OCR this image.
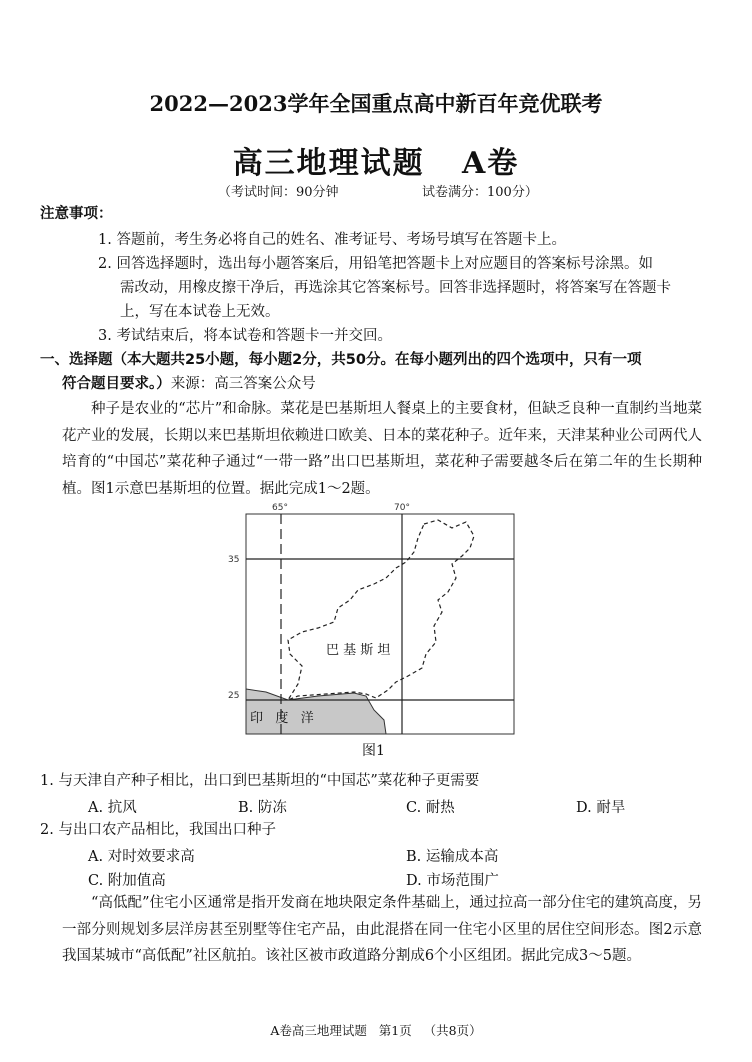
2022—2023学年全国重点高中新百年竞优联考
高三地理试题   A卷
（考试时间：90分钟	试卷满分：100分）
注意事项：
1. 答题前，考生务必将自己的姓名、准考证号、考场号填写在答题卡上。
2. 回答选择题时，选出每小题答案后，用铅笔把答题卡上对应题目的答案标号涂黑。如
需改动，用橡皮擦干净后，再选涂其它答案标号。回答非选择题时，将答案写在答题卡
上，写在本试卷上无效。
3. 考试结束后，将本试卷和答题卡一并交回。
一、选择题（本大题共25小题，每小题2分，共50分。在每小题列出的四个选项中，只有一项
符合题目要求。）来源：高三答案公众号
种子是农业的“芯片”和命脉。菜花是巴基斯坦人餐桌上的主要食材，但缺乏良种一直制约当地菜花产业的发展，长期以来巴基斯坦依赖进口欧美、日本的菜花种子。近年来，天津某种业公司两代人培育的“中国芯”菜花种子通过“一带一路”出口巴基斯坦，菜花种子需要越冬后在第二年的生长期种植。图1示意巴基斯坦的位置。据此完成1～2题。
65°	70°
35
25
巴 基 斯 坦
印   度   洋
图1
1. 与天津自产种子相比，出口到巴基斯坦的“中国芯”菜花种子更需要
A. 抗风	B. 防冻	C. 耐热	D. 耐旱
2. 与出口农产品相比，我国出口种子
A. 对时效要求高	B. 运输成本高
C. 附加值高	D. 市场范围广
“高低配”住宅小区通常是指开发商在地块限定条件基础上，通过拉高一部分住宅的建筑高度，另一部分则规划多层洋房甚至别墅等住宅产品，由此混搭在同一住宅小区里的居住空间形态。图2示意我国某城市“高低配”社区航拍。该社区被市政道路分割成6个小区组团。据此完成3～5题。
A卷高三地理试题   第1页   （共8页）
